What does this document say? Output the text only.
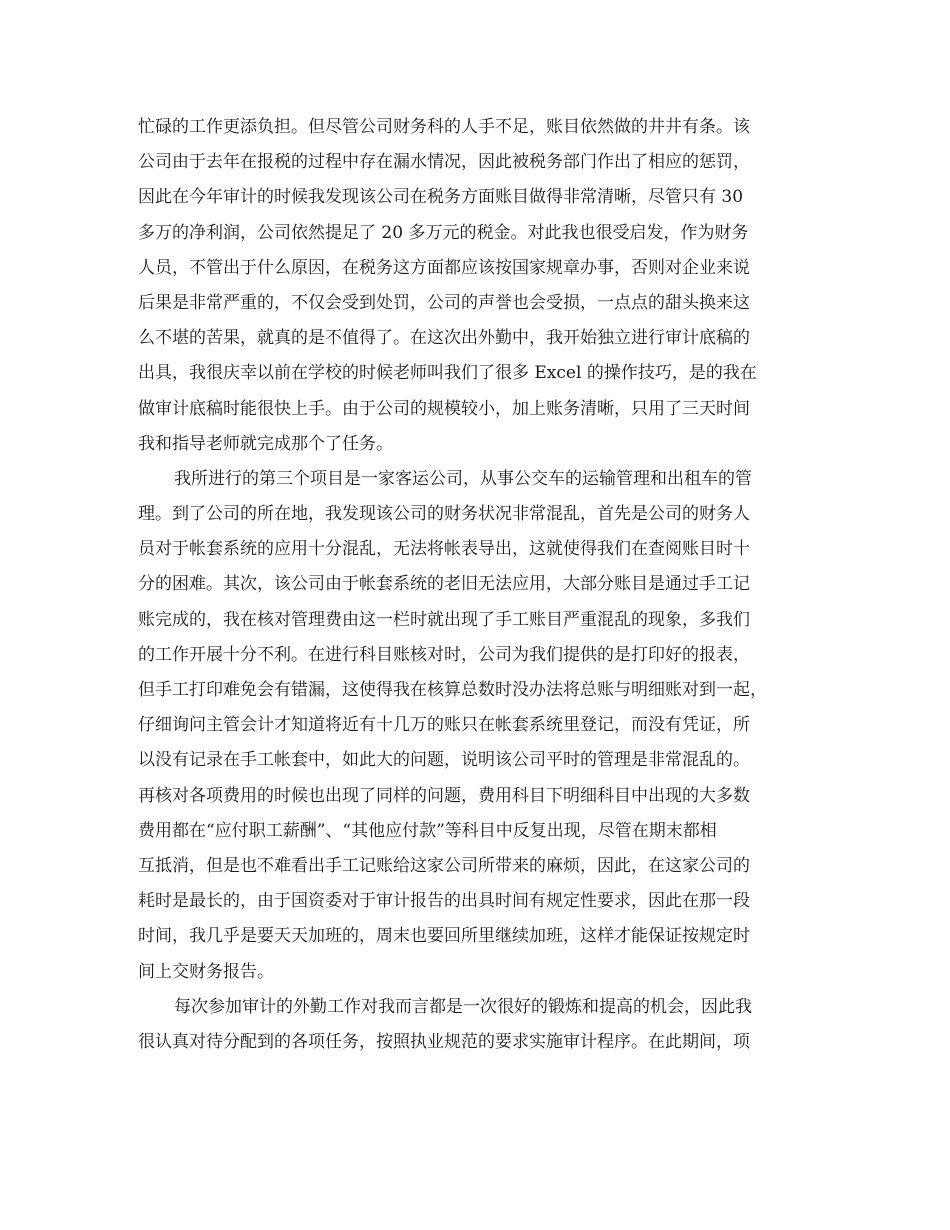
忙碌的工作更添负担。但尽管公司财务科的人手不足，账目依然做的井井有条。该
公司由于去年在报税的过程中存在漏水情况，因此被税务部门作出了相应的惩罚，
因此在今年审计的时候我发现该公司在税务方面账目做得非常清晰，尽管只有 30
多万的净利润，公司依然提足了 20 多万元的税金。对此我也很受启发，作为财务
人员，不管出于什么原因，在税务这方面都应该按国家规章办事，否则对企业来说
后果是非常严重的，不仅会受到处罚，公司的声誉也会受损，一点点的甜头换来这
么不堪的苦果，就真的是不值得了。在这次出外勤中，我开始独立进行审计底稿的
出具，我很庆幸以前在学校的时候老师叫我们了很多 Excel 的操作技巧，是的我在
做审计底稿时能很快上手。由于公司的规模较小，加上账务清晰，只用了三天时间
我和指导老师就完成那个了任务。
我所进行的第三个项目是一家客运公司，从事公交车的运输管理和出租车的管
理。到了公司的所在地，我发现该公司的财务状况非常混乱，首先是公司的财务人
员对于帐套系统的应用十分混乱，无法将帐表导出，这就使得我们在查阅账目时十
分的困难。其次，该公司由于帐套系统的老旧无法应用，大部分账目是通过手工记
账完成的，我在核对管理费由这一栏时就出现了手工账目严重混乱的现象，多我们
的工作开展十分不利。在进行科目账核对时，公司为我们提供的是打印好的报表，
但手工打印难免会有错漏，这使得我在核算总数时没办法将总账与明细账对到一起，
仔细询问主管会计才知道将近有十几万的账只在帐套系统里登记，而没有凭证，所
以没有记录在手工帐套中，如此大的问题，说明该公司平时的管理是非常混乱的。
再核对各项费用的时候也出现了同样的问题，费用科目下明细科目中出现的大多数
费用都在“应付职工薪酬”、“其他应付款”等科目中反复出现，尽管在期末都相
互抵消，但是也不难看出手工记账给这家公司所带来的麻烦，因此，在这家公司的
耗时是最长的，由于国资委对于审计报告的出具时间有规定性要求，因此在那一段
时间，我几乎是要天天加班的，周末也要回所里继续加班，这样才能保证按规定时
间上交财务报告。
每次参加审计的外勤工作对我而言都是一次很好的锻炼和提高的机会，因此我
很认真对待分配到的各项任务，按照执业规范的要求实施审计程序。在此期间，项
